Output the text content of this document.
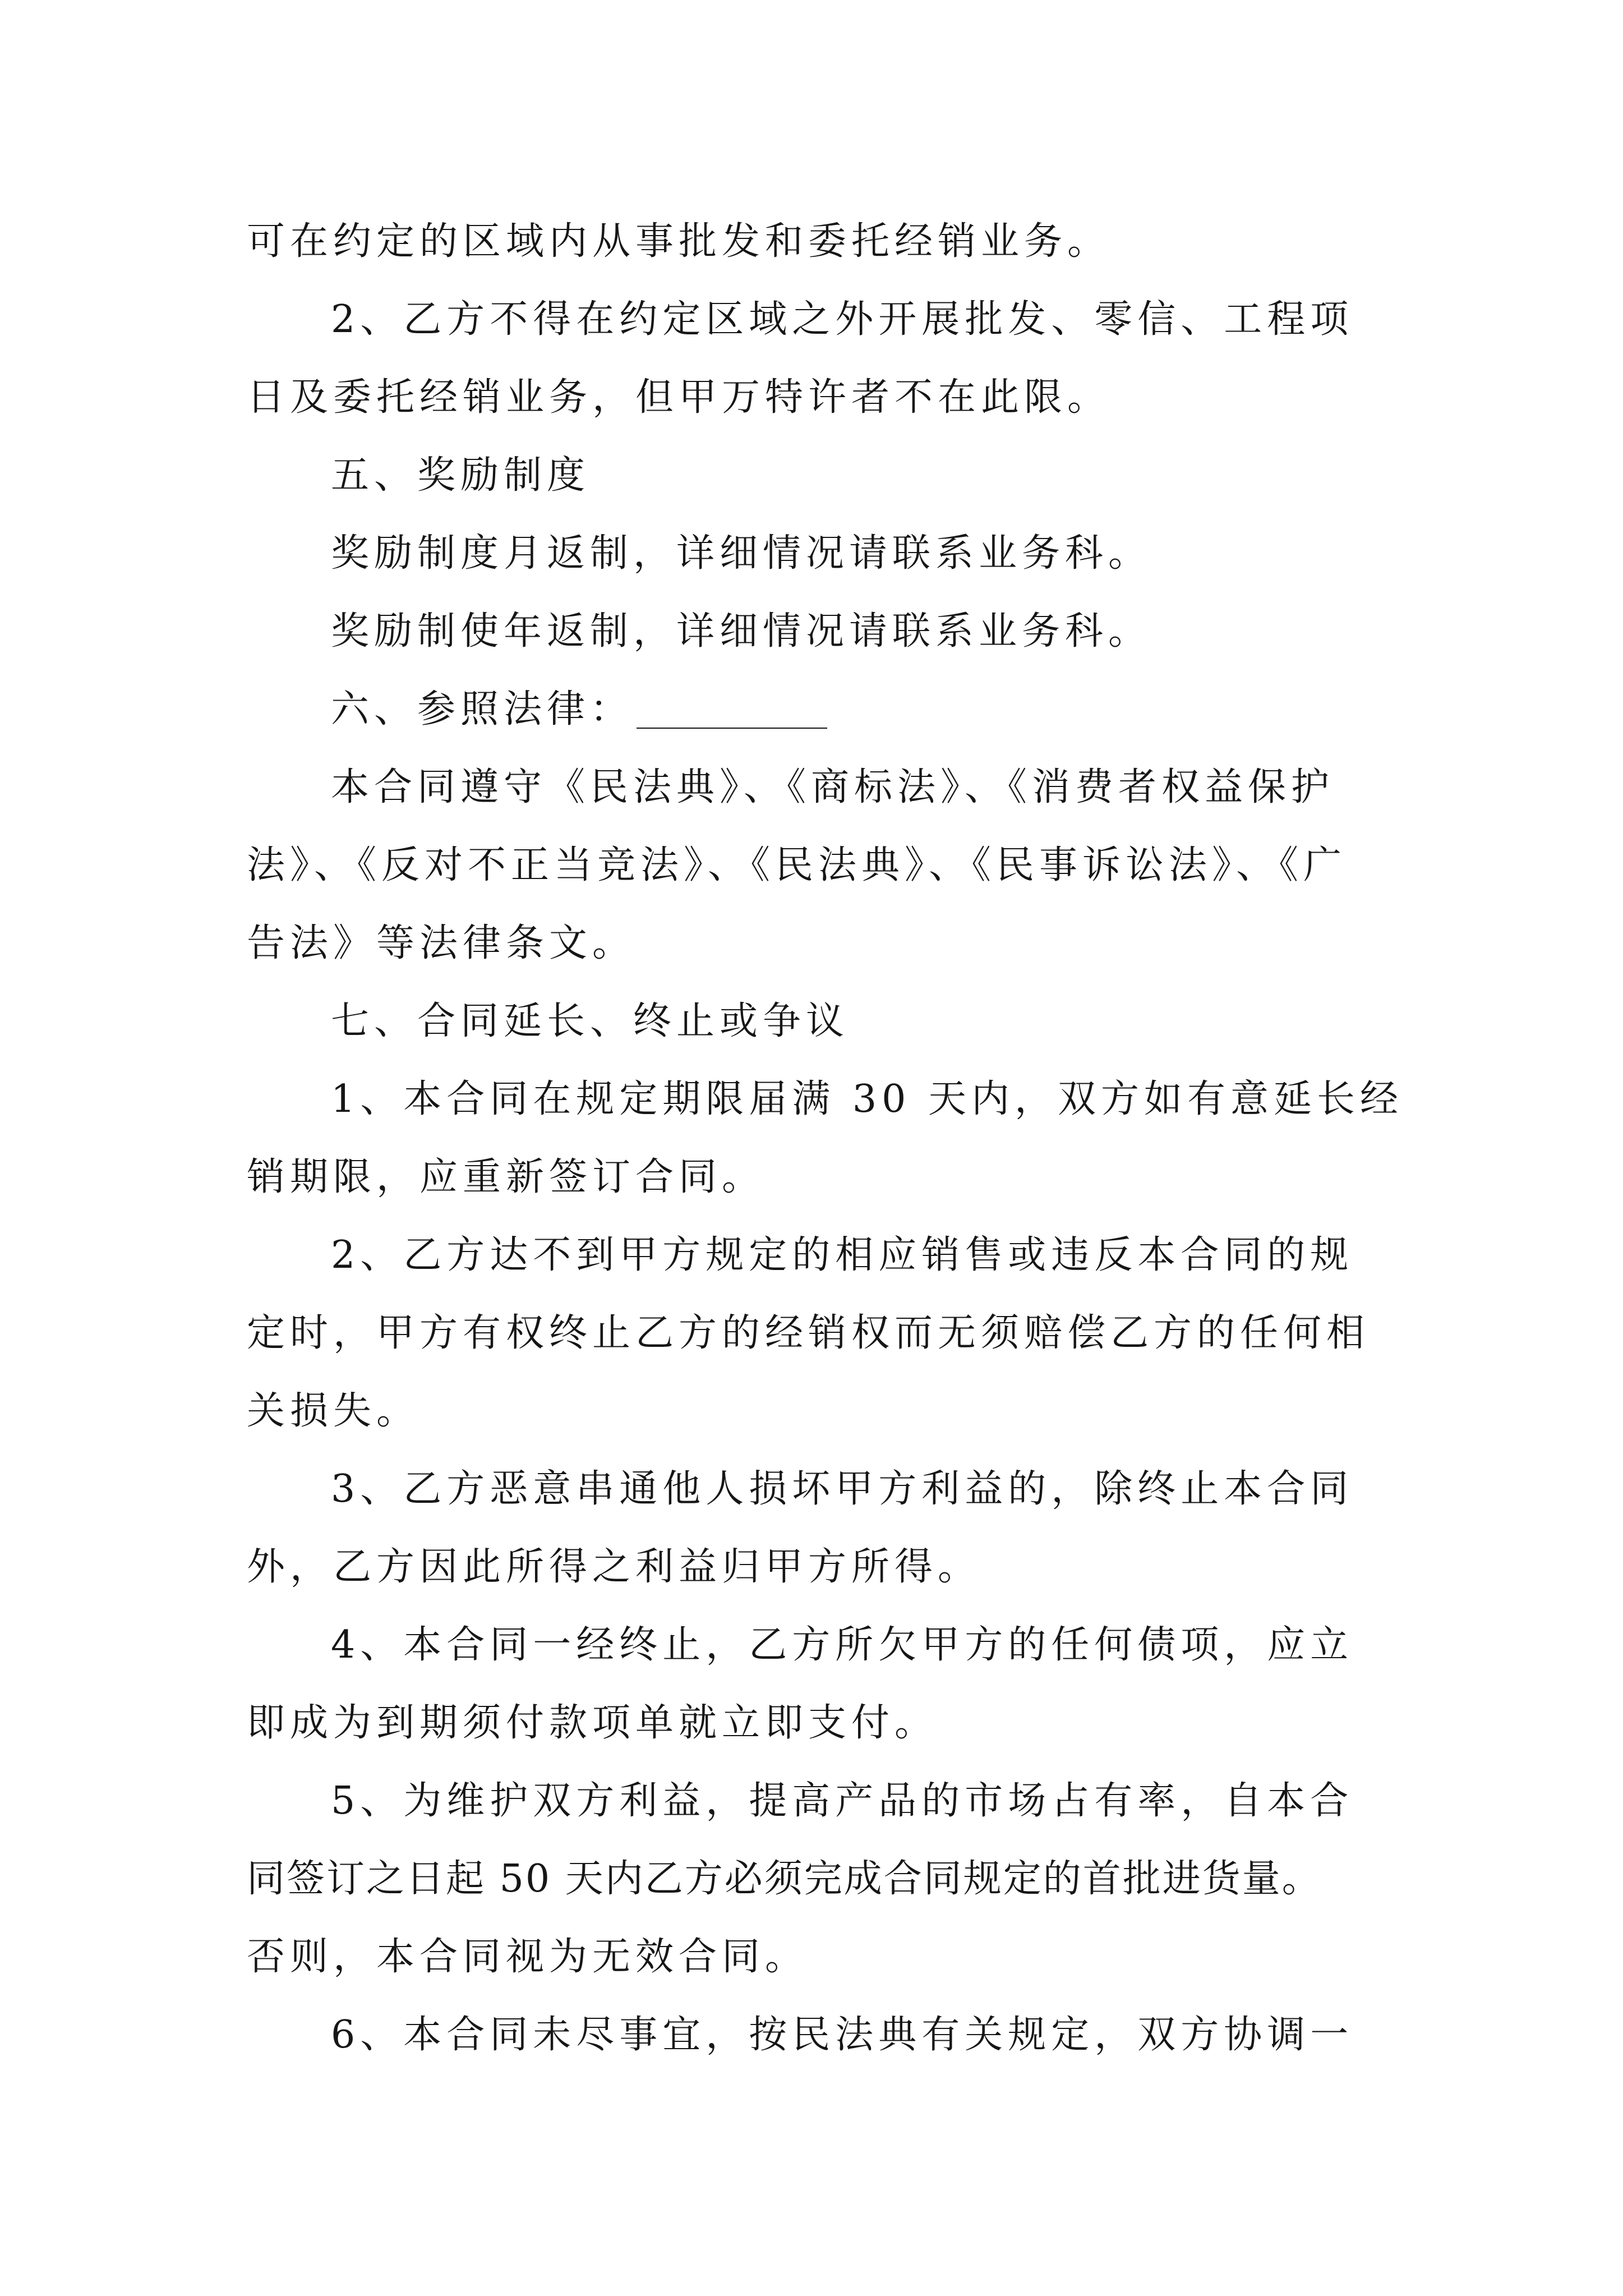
可在约定的区域内从事批发和委托经销业务。

2、乙方不得在约定区域之外开展批发、零信、工程项

日及委托经销业务，但甲万特许者不在此限。

五、奖励制度

奖励制度月返制，详细情况请联系业务科。

奖励制使年返制，详细情况请联系业务科。

六、参照法律：

本合同遵守《民法典》、《商标法》、《消费者权益保护

法》、《反对不正当竞法》、《民法典》、《民事诉讼法》、《广

告法》等法律条文。

七、合同延长、终止或争议

1、本合同在规定期限届满 30 天内，双方如有意延长经

销期限，应重新签订合同。

2、乙方达不到甲方规定的相应销售或违反本合同的规

定时，甲方有权终止乙方的经销权而无须赔偿乙方的任何相

关损失。

3、乙方恶意串通他人损坏甲方利益的，除终止本合同

外，乙方因此所得之利益归甲方所得。

4、本合同一经终止，乙方所欠甲方的任何债项，应立

即成为到期须付款项单就立即支付。

5、为维护双方利益，提高产品的市场占有率，自本合

同签订之日起 50 天内乙方必须完成合同规定的首批进货量。

否则，本合同视为无效合同。

6、本合同未尽事宜，按民法典有关规定，双方协调一
